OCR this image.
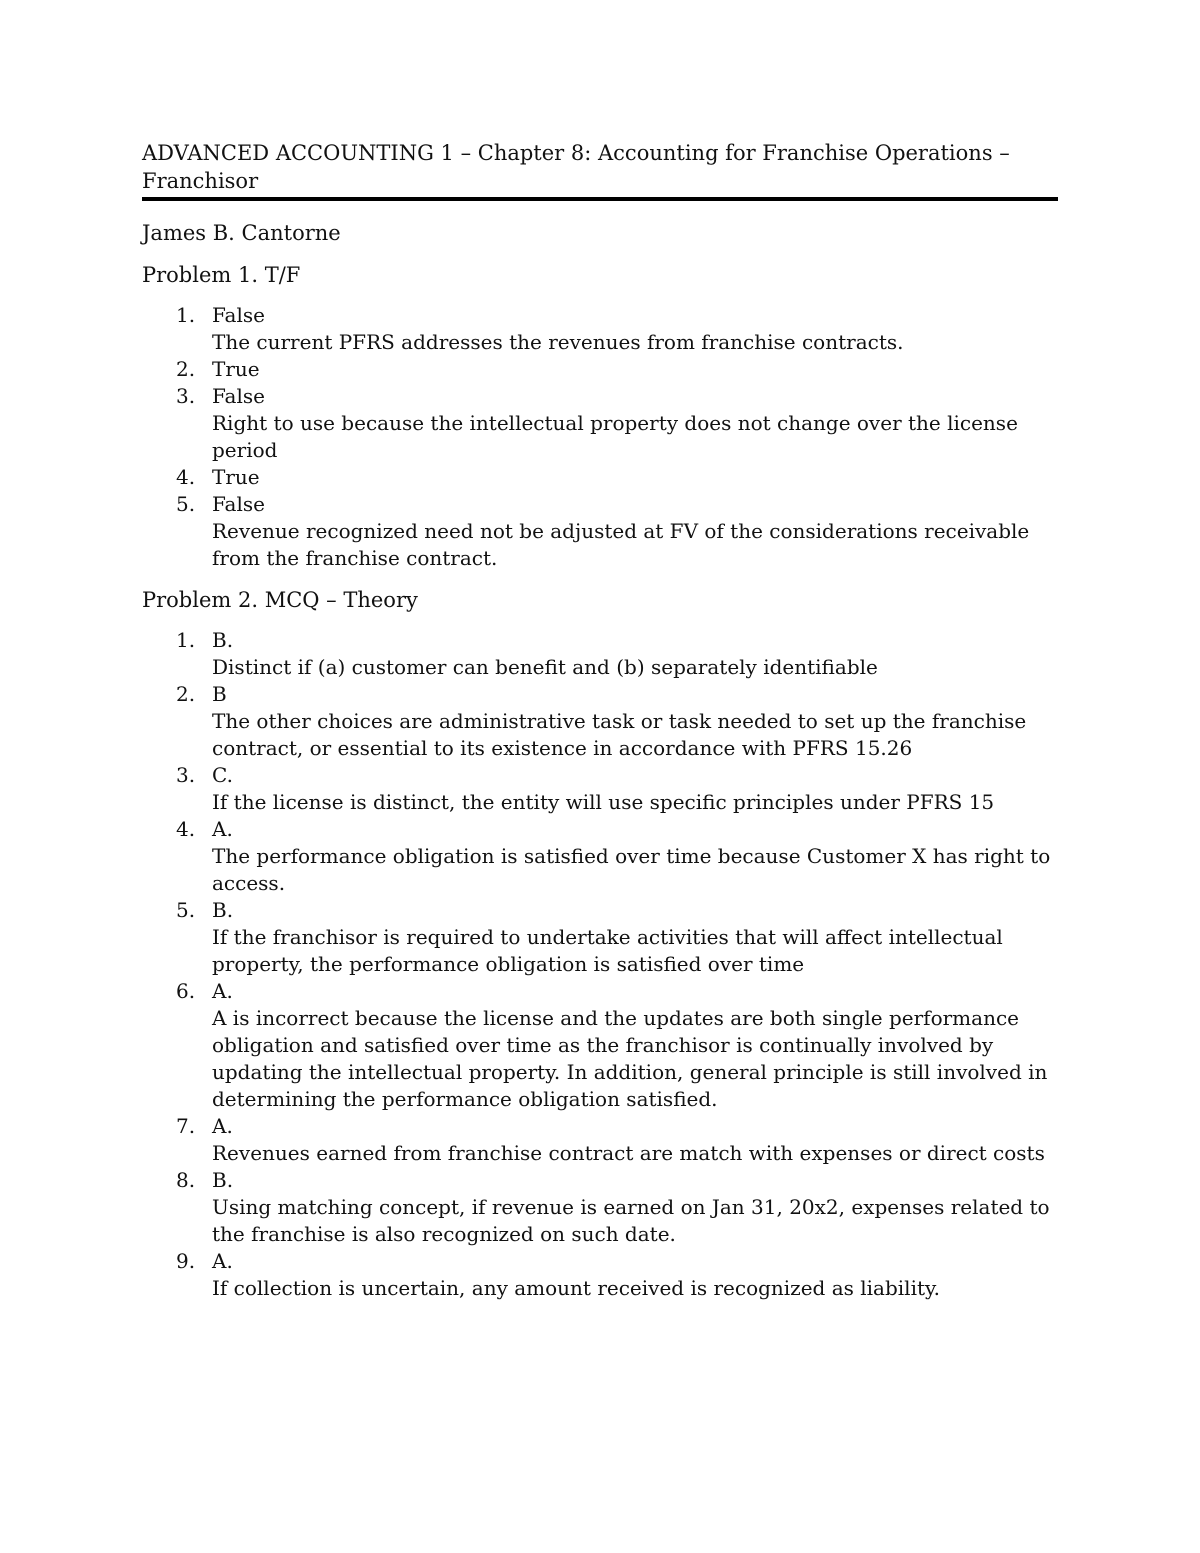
ADVANCED ACCOUNTING 1 – Chapter 8: Accounting for Franchise Operations – Franchisor
James B. Cantorne
Problem 1. T/F
1. False
The current PFRS addresses the revenues from franchise contracts.
2. True
3. False
Right to use because the intellectual property does not change over the license period
4. True
5. False
Revenue recognized need not be adjusted at FV of the considerations receivable from the franchise contract.
Problem 2. MCQ – Theory
1. B.
Distinct if (a) customer can benefit and (b) separately identifiable
2. B
The other choices are administrative task or task needed to set up the franchise contract, or essential to its existence in accordance with PFRS 15.26
3. C.
If the license is distinct, the entity will use specific principles under PFRS 15
4. A.
The performance obligation is satisfied over time because Customer X has right to access.
5. B.
If the franchisor is required to undertake activities that will affect intellectual property, the performance obligation is satisfied over time
6. A.
A is incorrect because the license and the updates are both single performance obligation and satisfied over time as the franchisor is continually involved by updating the intellectual property. In addition, general principle is still involved in determining the performance obligation satisfied.
7. A.
Revenues earned from franchise contract are match with expenses or direct costs
8. B.
Using matching concept, if revenue is earned on Jan 31, 20x2, expenses related to the franchise is also recognized on such date.
9. A.
If collection is uncertain, any amount received is recognized as liability.
